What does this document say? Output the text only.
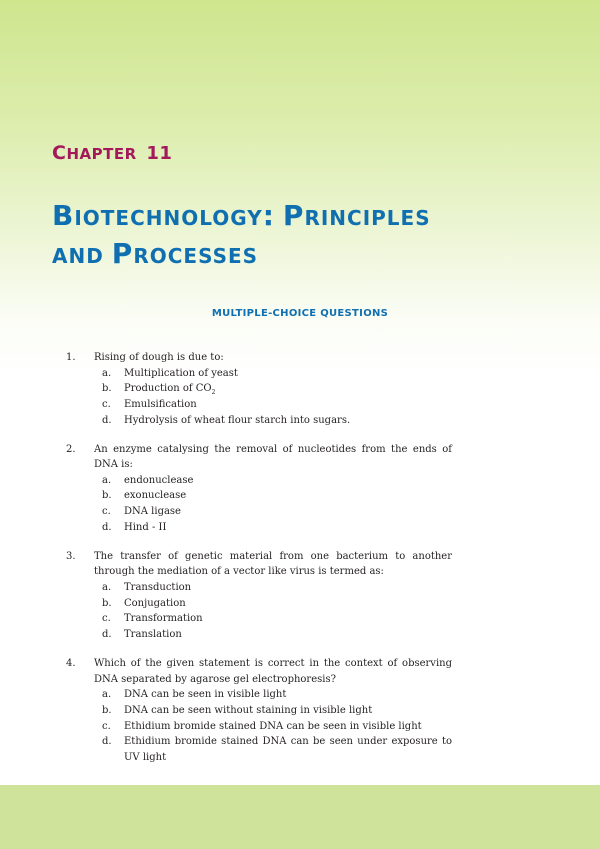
CHAPTER 11
BIOTECHNOLOGY: PRINCIPLES
AND PROCESSES
MULTIPLE-CHOICE QUESTIONS
1.	Rising of dough is due to:
a. Multiplication of yeast
b. Production of $CO_2$
c. Emulsification
d. Hydrolysis of wheat flour starch into sugars.
2.	An enzyme catalysing the removal of nucleotides from the ends of DNA is:
a. endonuclease
b. exonuclease
c. DNA ligase
d. Hind - II
3.	The transfer of genetic material from one bacterium to another through the mediation of a vector like virus is termed as:
a. Transduction
b. Conjugation
c. Transformation
d. Translation
4.	Which of the given statement is correct in the context of observing DNA separated by agarose gel electrophoresis?
a. DNA can be seen in visible light
b. DNA can be seen without staining in visible light
c. Ethidium bromide stained DNA can be seen in visible light
d. Ethidium bromide stained DNA can be seen under exposure to UV light
